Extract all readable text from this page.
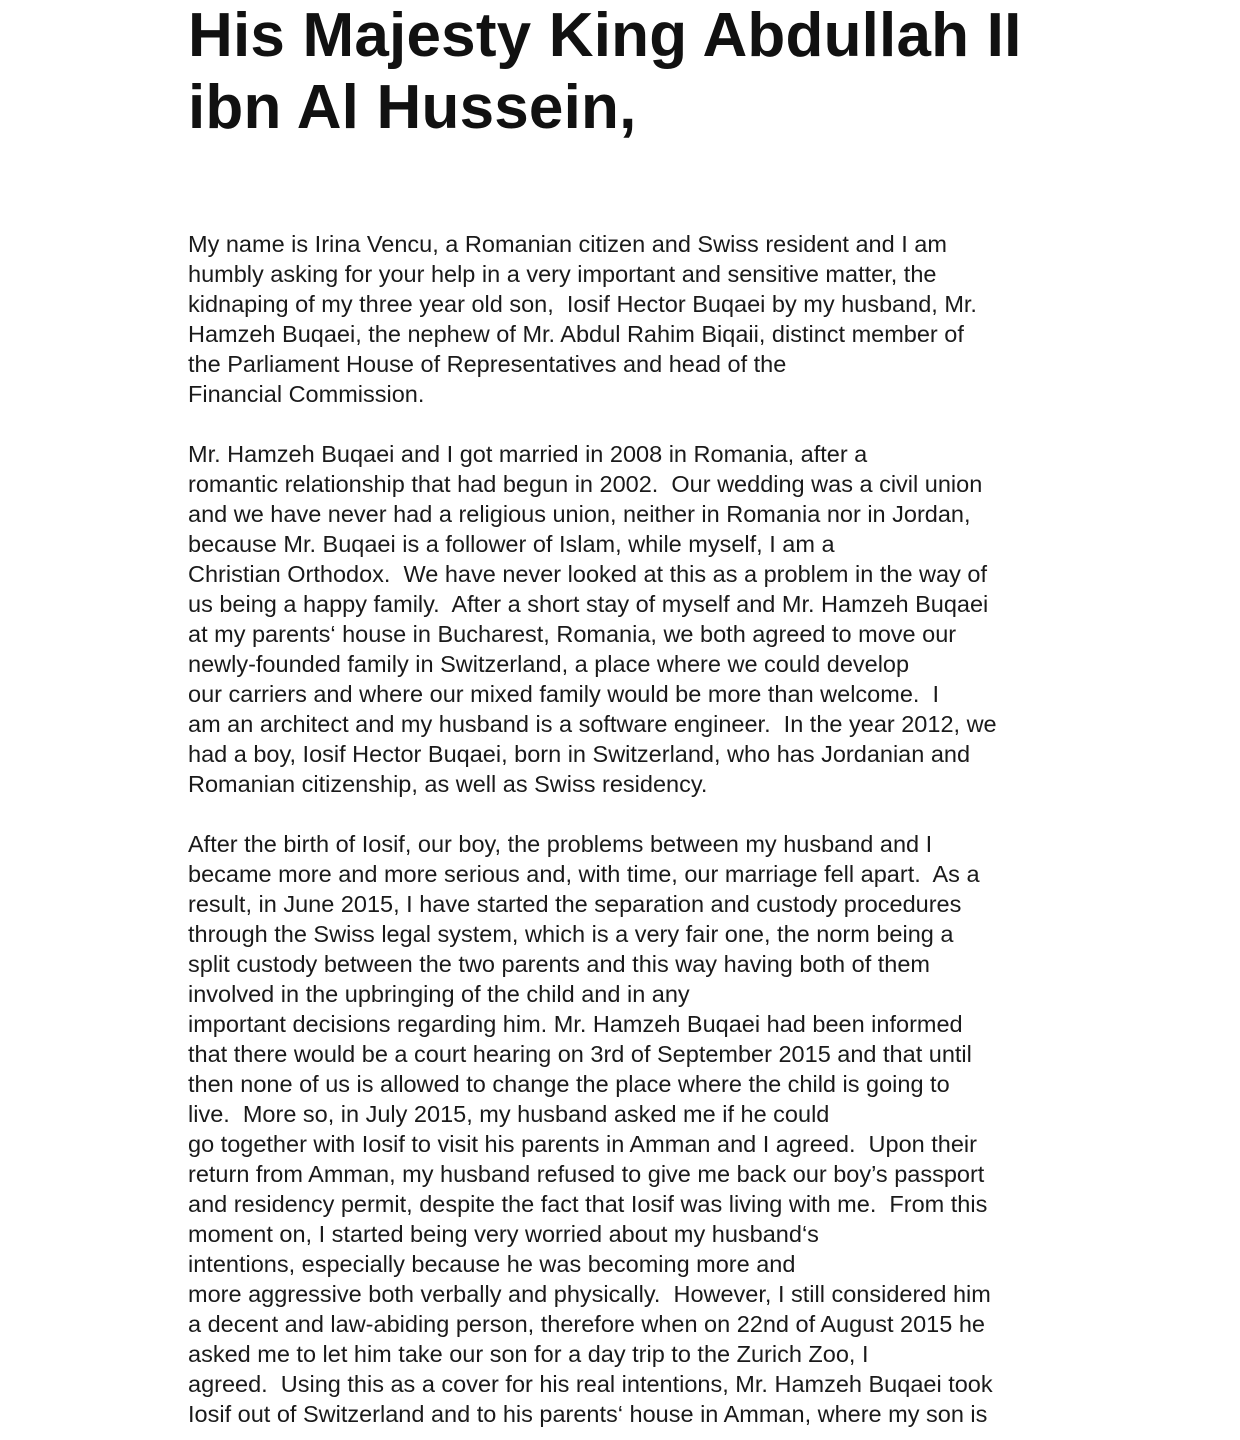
His Majesty King Abdullah II
ibn Al Hussein,
My name is Irina Vencu, a Romanian citizen and Swiss resident and I am
humbly asking for your help in a very important and sensitive matter, the
kidnaping of my three year old son,  Iosif Hector Buqaei by my husband, Mr.
Hamzeh Buqaei, the nephew of Mr. Abdul Rahim Biqaii, distinct member of
the Parliament House of Representatives and head of the
Financial Commission.
Mr. Hamzeh Buqaei and I got married in 2008 in Romania, after a
romantic relationship that had begun in 2002.  Our wedding was a civil union
and we have never had a religious union, neither in Romania nor in Jordan,
because Mr. Buqaei is a follower of Islam, while myself, I am a
Christian Orthodox.  We have never looked at this as a problem in the way of
us being a happy family.  After a short stay of myself and Mr. Hamzeh Buqaei
at my parents‘ house in Bucharest, Romania, we both agreed to move our
newly-founded family in Switzerland, a place where we could develop
our carriers and where our mixed family would be more than welcome.  I
am an architect and my husband is a software engineer.  In the year 2012, we
had a boy, Iosif Hector Buqaei, born in Switzerland, who has Jordanian and
Romanian citizenship, as well as Swiss residency.
After the birth of Iosif, our boy, the problems between my husband and I
became more and more serious and, with time, our marriage fell apart.  As a
result, in June 2015, I have started the separation and custody procedures
through the Swiss legal system, which is a very fair one, the norm being a
split custody between the two parents and this way having both of them
involved in the upbringing of the child and in any
important decisions regarding him. Mr. Hamzeh Buqaei had been informed
that there would be a court hearing on 3rd of September 2015 and that until
then none of us is allowed to change the place where the child is going to
live.  More so, in July 2015, my husband asked me if he could
go together with Iosif to visit his parents in Amman and I agreed.  Upon their
return from Amman, my husband refused to give me back our boy’s passport
and residency permit, despite the fact that Iosif was living with me.  From this
moment on, I started being very worried about my husband‘s
intentions, especially because he was becoming more and
more aggressive both verbally and physically.  However, I still considered him
a decent and law-abiding person, therefore when on 22nd of August 2015 he
asked me to let him take our son for a day trip to the Zurich Zoo, I
agreed.  Using this as a cover for his real intentions, Mr. Hamzeh Buqaei took
Iosif out of Switzerland and to his parents‘ house in Amman, where my son is
